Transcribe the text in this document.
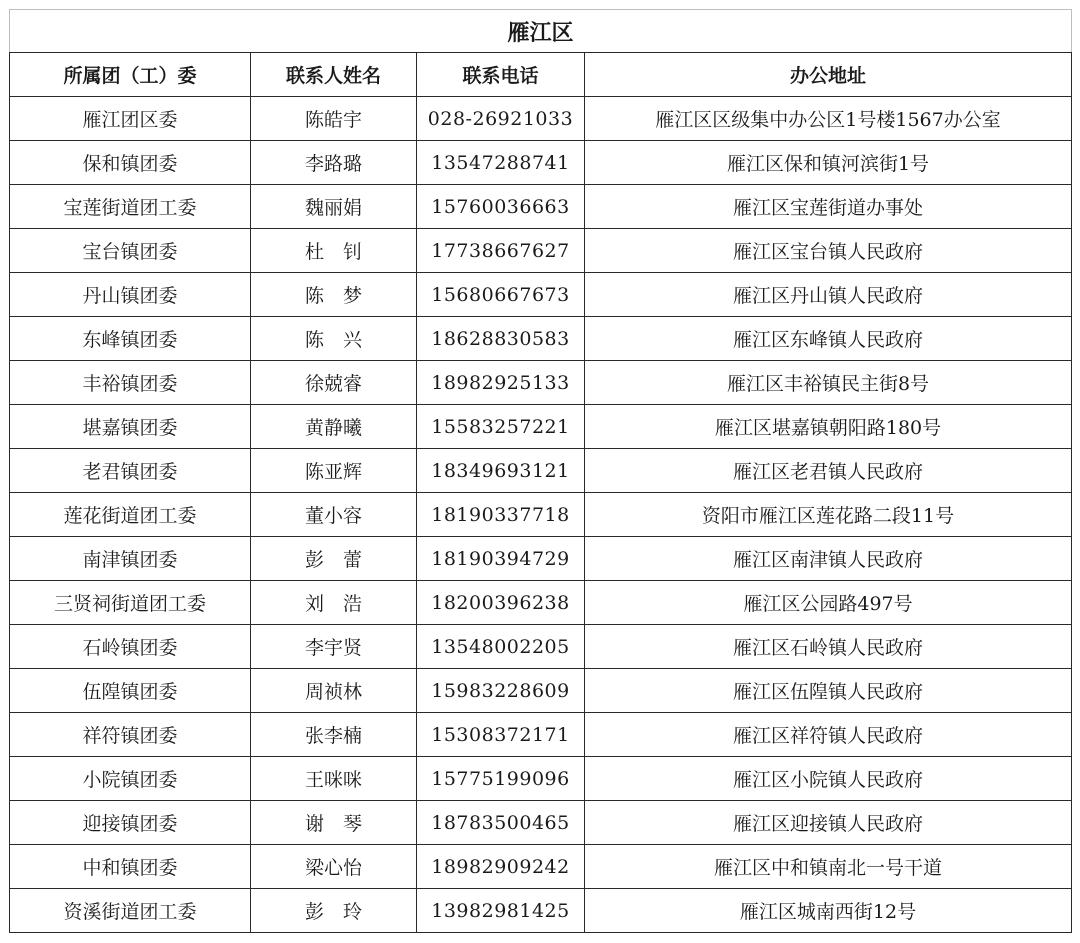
雁江区			
所属团（工）委	联系人姓名	联系电话	办公地址
雁江团区委	陈皓宇	028-26921033	雁江区区级集中办公区1号楼1567办公室
保和镇团委	李路璐	13547288741	雁江区保和镇河滨街1号
宝莲街道团工委	魏丽娟	15760036663	雁江区宝莲街道办事处
宝台镇团委	杜　钊	17738667627	雁江区宝台镇人民政府
丹山镇团委	陈　梦	15680667673	雁江区丹山镇人民政府
东峰镇团委	陈　兴	18628830583	雁江区东峰镇人民政府
丰裕镇团委	徐兢睿	18982925133	雁江区丰裕镇民主街8号
堪嘉镇团委	黄静曦	15583257221	雁江区堪嘉镇朝阳路180号
老君镇团委	陈亚辉	18349693121	雁江区老君镇人民政府
莲花街道团工委	董小容	18190337718	资阳市雁江区莲花路二段11号
南津镇团委	彭　蕾	18190394729	雁江区南津镇人民政府
三贤祠街道团工委	刘　浩	18200396238	雁江区公园路497号
石岭镇团委	李宇贤	13548002205	雁江区石岭镇人民政府
伍隍镇团委	周祯林	15983228609	雁江区伍隍镇人民政府
祥符镇团委	张李楠	15308372171	雁江区祥符镇人民政府
小院镇团委	王咪咪	15775199096	雁江区小院镇人民政府
迎接镇团委	谢　琴	18783500465	雁江区迎接镇人民政府
中和镇团委	梁心怡	18982909242	雁江区中和镇南北一号干道
资溪街道团工委	彭　玲	13982981425	雁江区城南西街12号
